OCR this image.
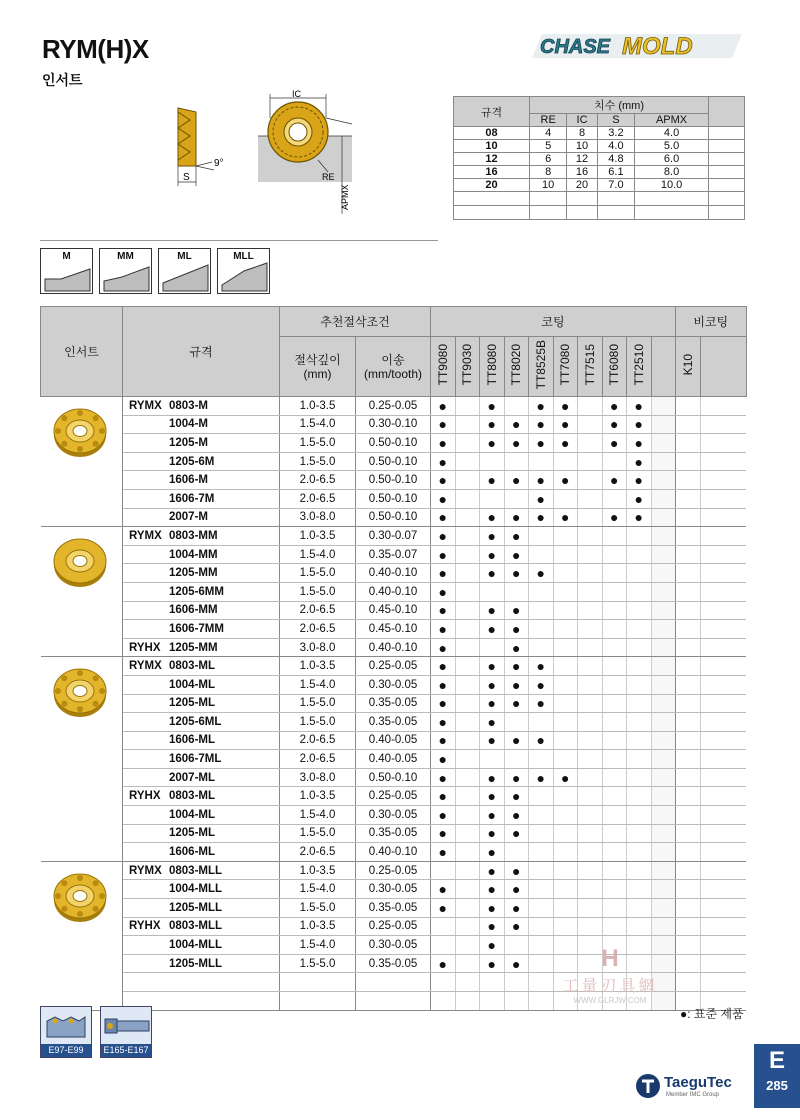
RYM(H)X
인서트
CHASE MOLD
S
9°
IC
RE
APMX
규격	치수 (mm)				
	RE	IC	S	APMX	
08	4	8	3.2	4.0	
10	5	10	4.0	5.0	
12	6	12	4.8	6.0	
16	8	16	6.1	8.0	
20	10	20	7.0	10.0	

M	MM	ML	MLL
인서트	규격	추천절삭조건		코팅										비코팅	
		절삭깊이
(mm)	이송
(mm/tooth)	TT9080	TT9030	TT8080	TT8020	TT8525B	TT7080	TT7515	TT6080	TT2510		K10	
	RYMX 0803-M	1.0-3.5	0.25-0.05	●		●		●	●		●	●			
	1004-M	1.5-4.0	0.30-0.10	●		●	●	●	●		●	●			
	1205-M	1.5-5.0	0.50-0.10	●		●	●	●	●		●	●			
	1205-6M	1.5-5.0	0.50-0.10	●								●			
	1606-M	2.0-6.5	0.50-0.10	●		●	●	●	●		●	●			
	1606-7M	2.0-6.5	0.50-0.10	●				●				●			
	2007-M	3.0-8.0	0.50-0.10	●		●	●	●	●		●	●			
	RYMX 0803-MM	1.0-3.5	0.30-0.07	●		●	●								
	1004-MM	1.5-4.0	0.35-0.07	●		●	●								
	1205-MM	1.5-5.0	0.40-0.10	●		●	●	●							
	1205-6MM	1.5-5.0	0.40-0.10	●											
	1606-MM	2.0-6.5	0.45-0.10	●		●	●								
	1606-7MM	2.0-6.5	0.45-0.10	●		●	●								
	RYHX 1205-MM	3.0-8.0	0.40-0.10	●			●								
	RYMX 0803-ML	1.0-3.5	0.25-0.05	●		●	●	●							
	1004-ML	1.5-4.0	0.30-0.05	●		●	●	●							
	1205-ML	1.5-5.0	0.35-0.05	●		●	●	●							
	1205-6ML	1.5-5.0	0.35-0.05	●		●									
	1606-ML	2.0-6.5	0.40-0.05	●		●	●	●							
	1606-7ML	2.0-6.5	0.40-0.05	●											
	2007-ML	3.0-8.0	0.50-0.10	●		●	●	●	●						
	RYHX 0803-ML	1.0-3.5	0.25-0.05	●		●	●								
	1004-ML	1.5-4.0	0.30-0.05	●		●	●								
	1205-ML	1.5-5.0	0.35-0.05	●		●	●								
	1606-ML	2.0-6.5	0.40-0.10	●		●									
	RYMX 0803-MLL	1.0-3.5	0.25-0.05			●	●								
	1004-MLL	1.5-4.0	0.30-0.05	●		●	●								
	1205-MLL	1.5-5.0	0.35-0.05	●		●	●								
	RYHX 0803-MLL	1.0-3.5	0.25-0.05			●	●								
	1004-MLL	1.5-4.0	0.30-0.05			●									
	1205-MLL	1.5-5.0	0.35-0.05	●		●	●								

															H
工量刃具網
WWW.GLRJW.COM
●: 표준 제품
E97-E99	E165-E167
TaeguTec
Member IMC Group
E
285
